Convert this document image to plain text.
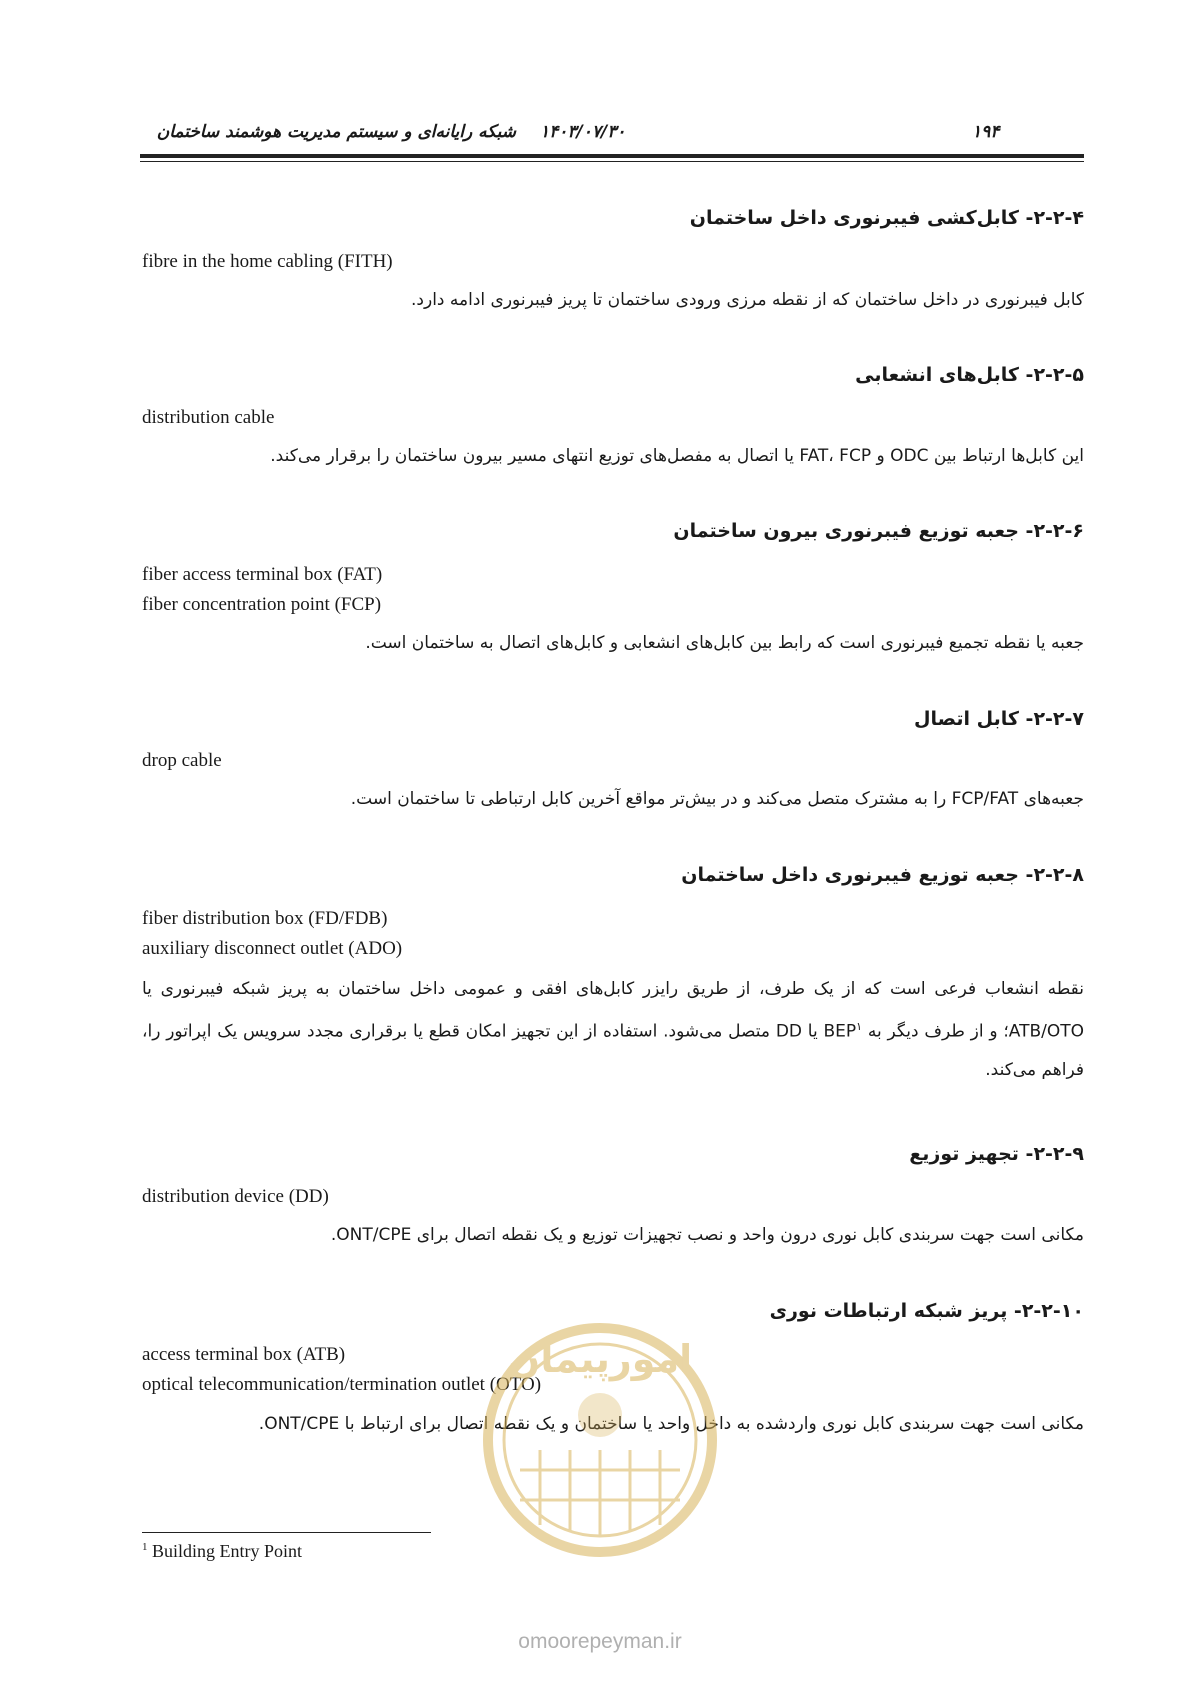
۱۹۴
۱۴۰۳/۰۷/۳۰
شبکه رایانه‌ای و سیستم مدیریت هوشمند ساختمان
۲-۲-۴- کابل‌کشی فیبرنوری داخل ساختمان
fibre in the home cabling (FITH)
کابل فیبرنوری در داخل ساختمان که از نقطه مرزی ورودی ساختمان تا پریز فیبرنوری ادامه دارد.
۲-۲-۵- کابل‌های انشعابی
distribution cable
این کابل‌ها ارتباط بین ODC و FAT، FCP یا اتصال به مفصل‌های توزیع انتهای مسیر بیرون ساختمان را برقرار می‌کند.
۲-۲-۶- جعبه توزیع فیبرنوری بیرون ساختمان
fiber access terminal box (FAT)
fiber concentration point (FCP)
جعبه یا نقطه تجمیع فیبرنوری است که رابط بین کابل‌های انشعابی و کابل‌های اتصال به ساختمان است.
۲-۲-۷- کابل اتصال
drop cable
جعبه‌های FCP/FAT را به مشترک متصل می‌کند و در بیش‌تر مواقع آخرین کابل ارتباطی تا ساختمان است.
۲-۲-۸- جعبه توزیع فیبرنوری داخل ساختمان
fiber distribution box (FD/FDB)
auxiliary disconnect outlet (ADO)
نقطه انشعاب فرعی است که از یک طرف، از طریق رایزر کابل‌های افقی و عمومی داخل ساختمان به پریز شبکه فیبرنوری یا ATB/OTO؛ و از طرف دیگر به BEP$^۱$ یا DD متصل می‌شود. استفاده از این تجهیز امکان قطع یا برقراری مجدد سرویس یک اپراتور را، فراهم می‌کند.
۲-۲-۹- تجهیز توزیع
distribution device (DD)
مکانی است جهت سربندی کابل نوری درون واحد و نصب تجهیزات توزیع و یک نقطه اتصال برای ONT/CPE.
۲-۲-۱۰- پریز شبکه ارتباطات نوری
access terminal box (ATB)
optical telecommunication/termination outlet (OTO)
مکانی است جهت سربندی کابل نوری واردشده به داخل واحد یا ساختمان و یک نقطه اتصال برای ارتباط با ONT/CPE.
امورپیمان
omoorepeyman.ir
$^1$ Building Entry Point
